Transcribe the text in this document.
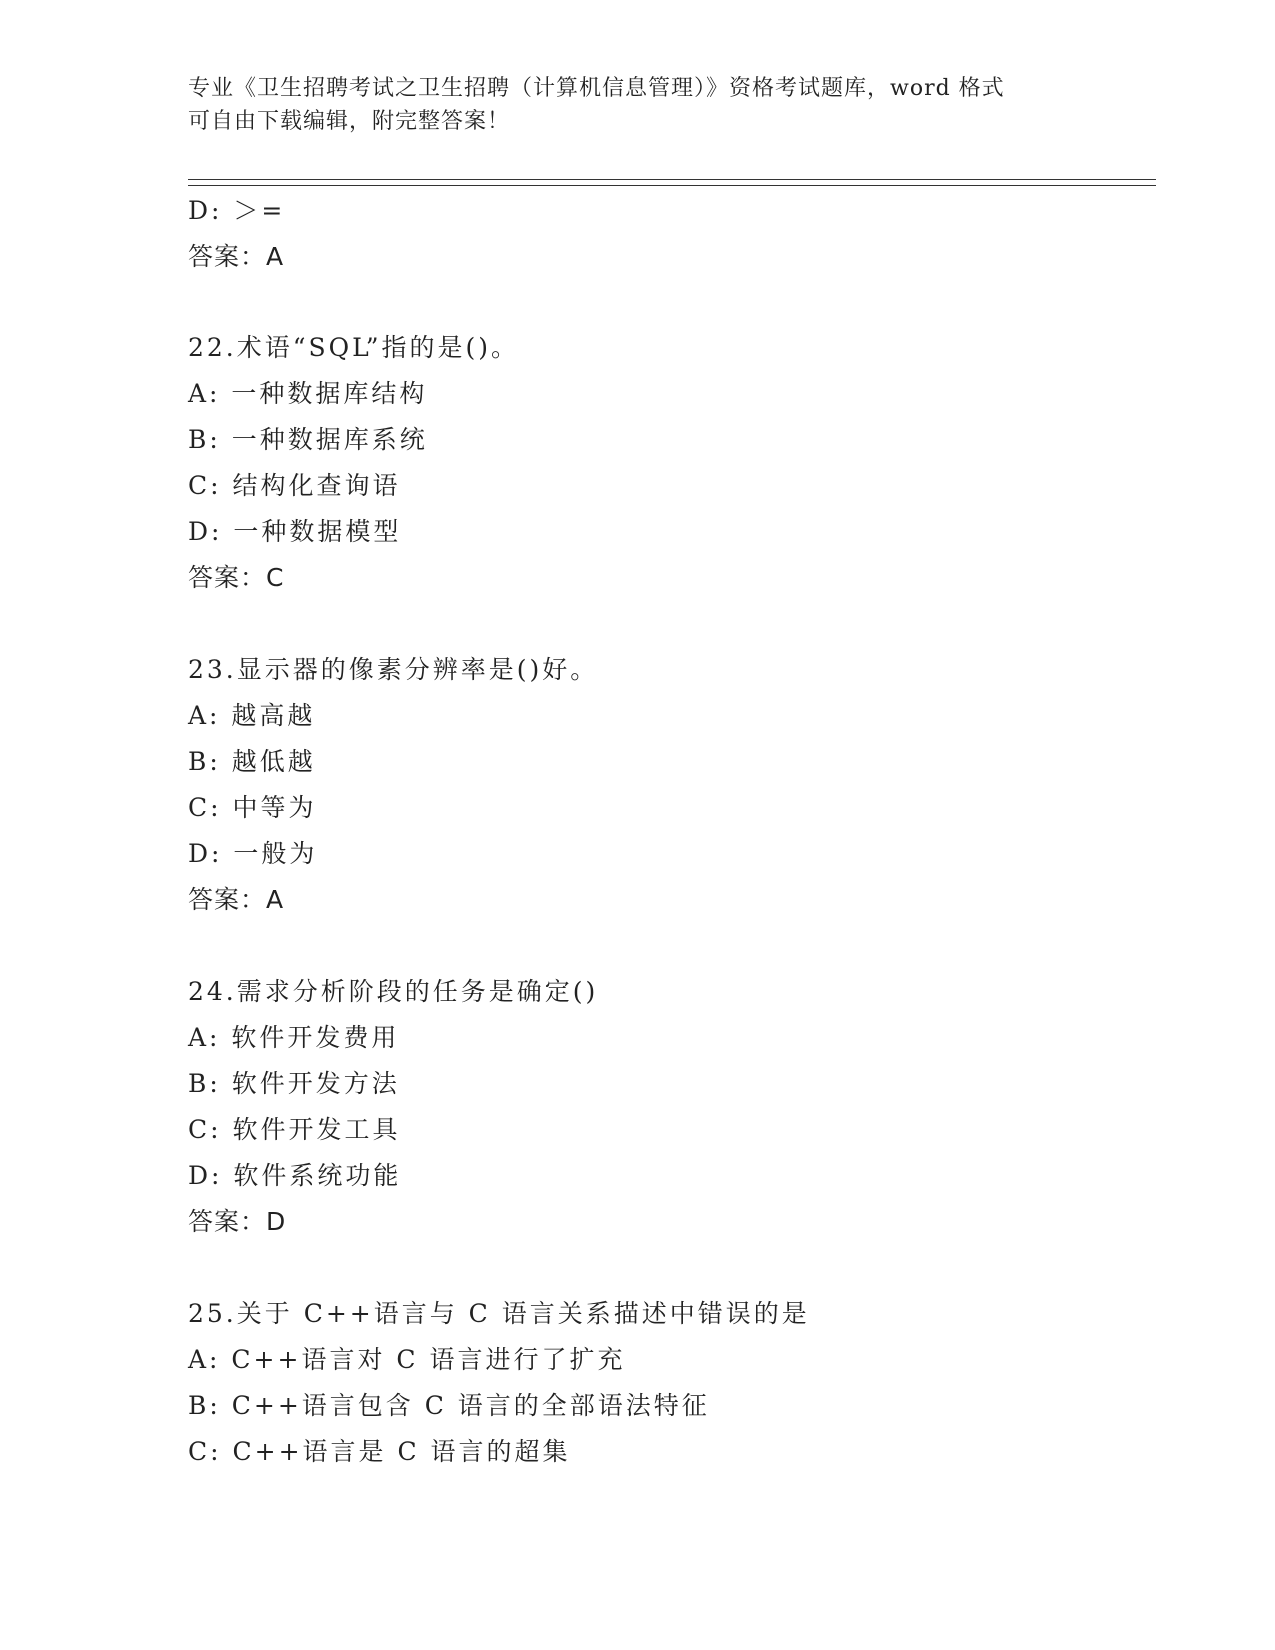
专业《卫生招聘考试之卫生招聘（计算机信息管理）》资格考试题库，word 格式

可自由下载编辑，附完整答案！

D: ＞=
答案：A
22.术语“SQL”指的是()。
A: 一种数据库结构
B: 一种数据库系统
C: 结构化查询语
D: 一种数据模型
答案：C
23.显示器的像素分辨率是()好。
A: 越高越
B: 越低越
C: 中等为
D: 一般为
答案：A
24.需求分析阶段的任务是确定()
A: 软件开发费用
B: 软件开发方法
C: 软件开发工具
D: 软件系统功能
答案：D
25.关于 C++语言与 C 语言关系描述中错误的是
A: C++语言对 C 语言进行了扩充
B: C++语言包含 C 语言的全部语法特征
C: C++语言是 C 语言的超集
